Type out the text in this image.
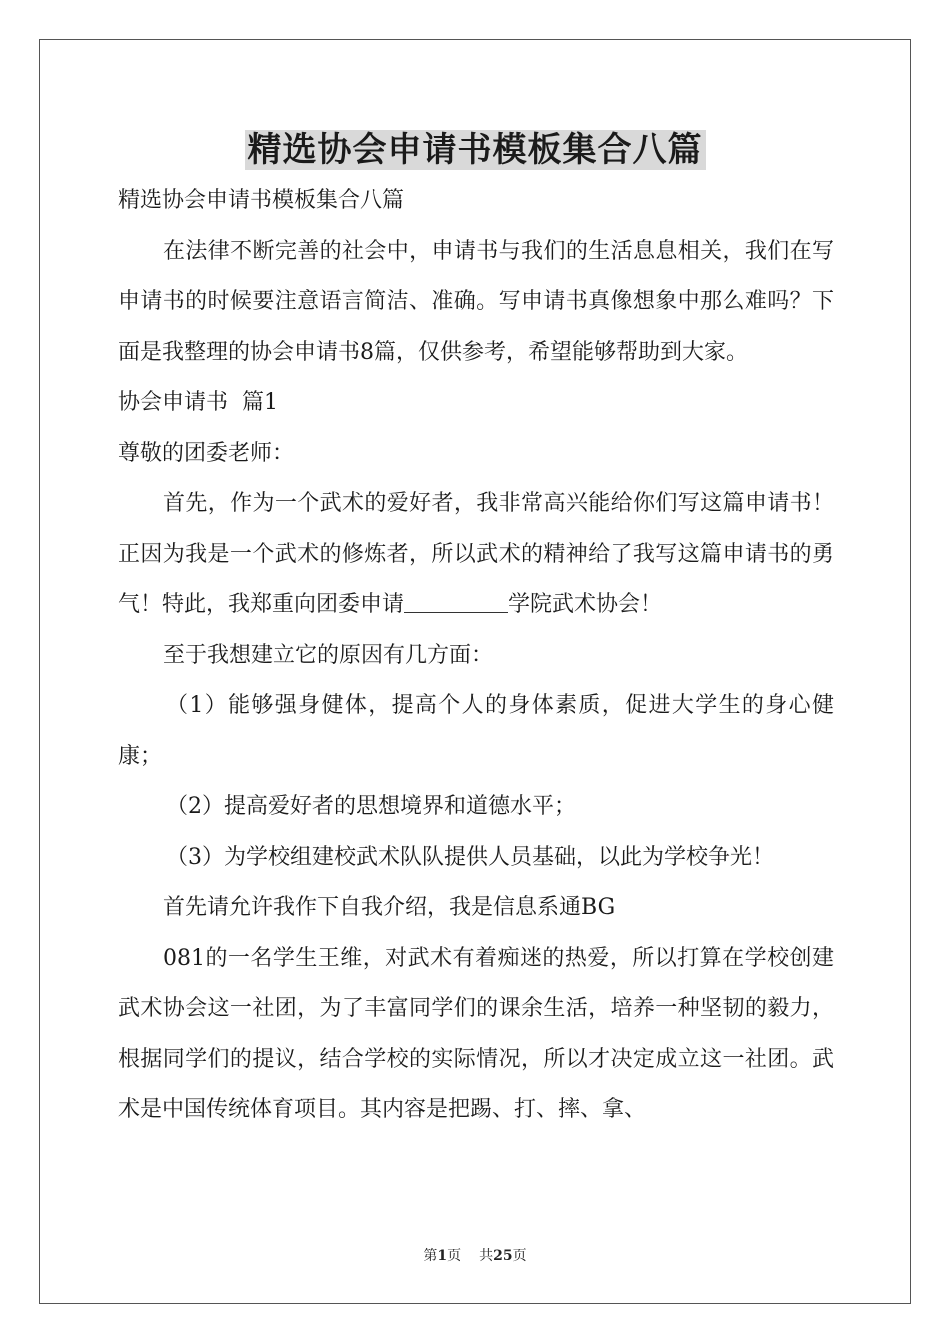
精选协会申请书模板集合八篇

精选协会申请书模板集合八篇

在法律不断完善的社会中，申请书与我们的生活息息相关，我们在写申请书的时候要注意语言简洁、准确。写申请书真像想象中那么难吗？下面是我整理的协会申请书8篇，仅供参考，希望能够帮助到大家。

协会申请书  篇1

尊敬的团委老师：

首先，作为一个武术的爱好者，我非常高兴能给你们写这篇申请书！正因为我是一个武术的修炼者，所以武术的精神给了我写这篇申请书的勇气！特此，我郑重向团委申请	学院武术协会！

至于我想建立它的原因有几方面：

（1）能够强身健体，提高个人的身体素质，促进大学生的身心健康；

（2）提高爱好者的思想境界和道德水平；

（3）为学校组建校武术队队提供人员基础，以此为学校争光！

首先请允许我作下自我介绍，我是信息系通BG

081的一名学生王维，对武术有着痴迷的热爱，所以打算在学校创建武术协会这一社团，为了丰富同学们的课余生活，培养一种坚韧的毅力，根据同学们的提议，结合学校的实际情况，所以才决定成立这一社团。武术是中国传统体育项目。其内容是把踢、打、摔、拿、

第1页 共25页
